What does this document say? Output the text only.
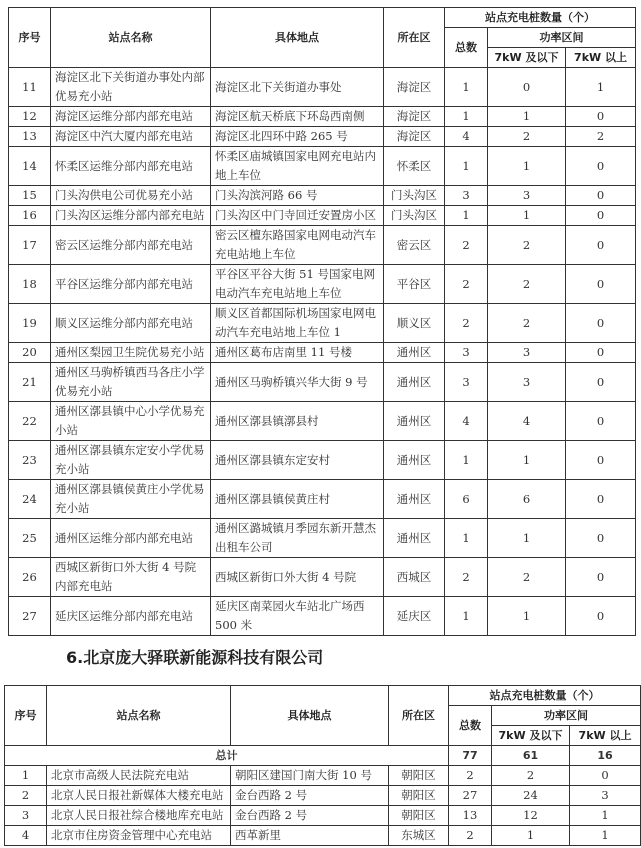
序号	站点名称	具体地点	所在区	站点充电桩数量（个）		
				总数	功率区间	
					7kW 及以下	7kW 以上
11	海淀区北下关街道办事处内部优易充小站	海淀区北下关街道办事处	海淀区	1	0	1
12	海淀区运维分部内部充电站	海淀区航天桥底下环岛西南侧	海淀区	1	1	0
13	海淀区中汽大厦内部充电站	海淀区北四环中路 265 号	海淀区	4	2	2
14	怀柔区运维分部内部充电站	怀柔区庙城镇国家电网充电站内地上车位	怀柔区	1	1	0
15	门头沟供电公司优易充小站	门头沟滨河路 66 号	门头沟区	3	3	0
16	门头沟区运维分部内部充电站	门头沟区中门寺回迁安置房小区	门头沟区	1	1	0
17	密云区运维分部内部充电站	密云区檀东路国家电网电动汽车充电站地上车位	密云区	2	2	0
18	平谷区运维分部内部充电站	平谷区平谷大街 51 号国家电网电动汽车充电站地上车位	平谷区	2	2	0
19	顺义区运维分部内部充电站	顺义区首都国际机场国家电网电动汽车充电站地上车位 1	顺义区	2	2	0
20	通州区梨园卫生院优易充小站	通州区葛布店南里 11 号楼	通州区	3	3	0
21	通州区马驹桥镇西马各庄小学优易充小站	通州区马驹桥镇兴华大街 9 号	通州区	3	3	0
22	通州区漷县镇中心小学优易充小站	通州区漷县镇漷县村	通州区	4	4	0
23	通州区漷县镇东定安小学优易充小站	通州区漷县镇东定安村	通州区	1	1	0
24	通州区漷县镇侯黄庄小学优易充小站	通州区漷县镇侯黄庄村	通州区	6	6	0
25	通州区运维分部内部充电站	通州区潞城镇月季园东新开慧杰出租车公司	通州区	1	1	0
26	西城区新街口外大街 4 号院内部充电站	西城区新街口外大街 4 号院	西城区	2	2	0
27	延庆区运维分部内部充电站	延庆区南菜园火车站北广场西 500 米	延庆区	1	1	0
6.北京庞大驿联新能源科技有限公司
序号	站点名称	具体地点	所在区	站点充电桩数量（个）		
				总数	功率区间	
					7kW 及以下	7kW 以上
总计				77	61	16
1	北京市高级人民法院充电站	朝阳区建国门南大街 10 号	朝阳区	2	2	0
2	北京人民日报社新媒体大楼充电站	金台西路 2 号	朝阳区	27	24	3
3	北京人民日报社综合楼地库充电站	金台西路 2 号	朝阳区	13	12	1
4	北京市住房资金管理中心充电站	西革新里	东城区	2	1	1
